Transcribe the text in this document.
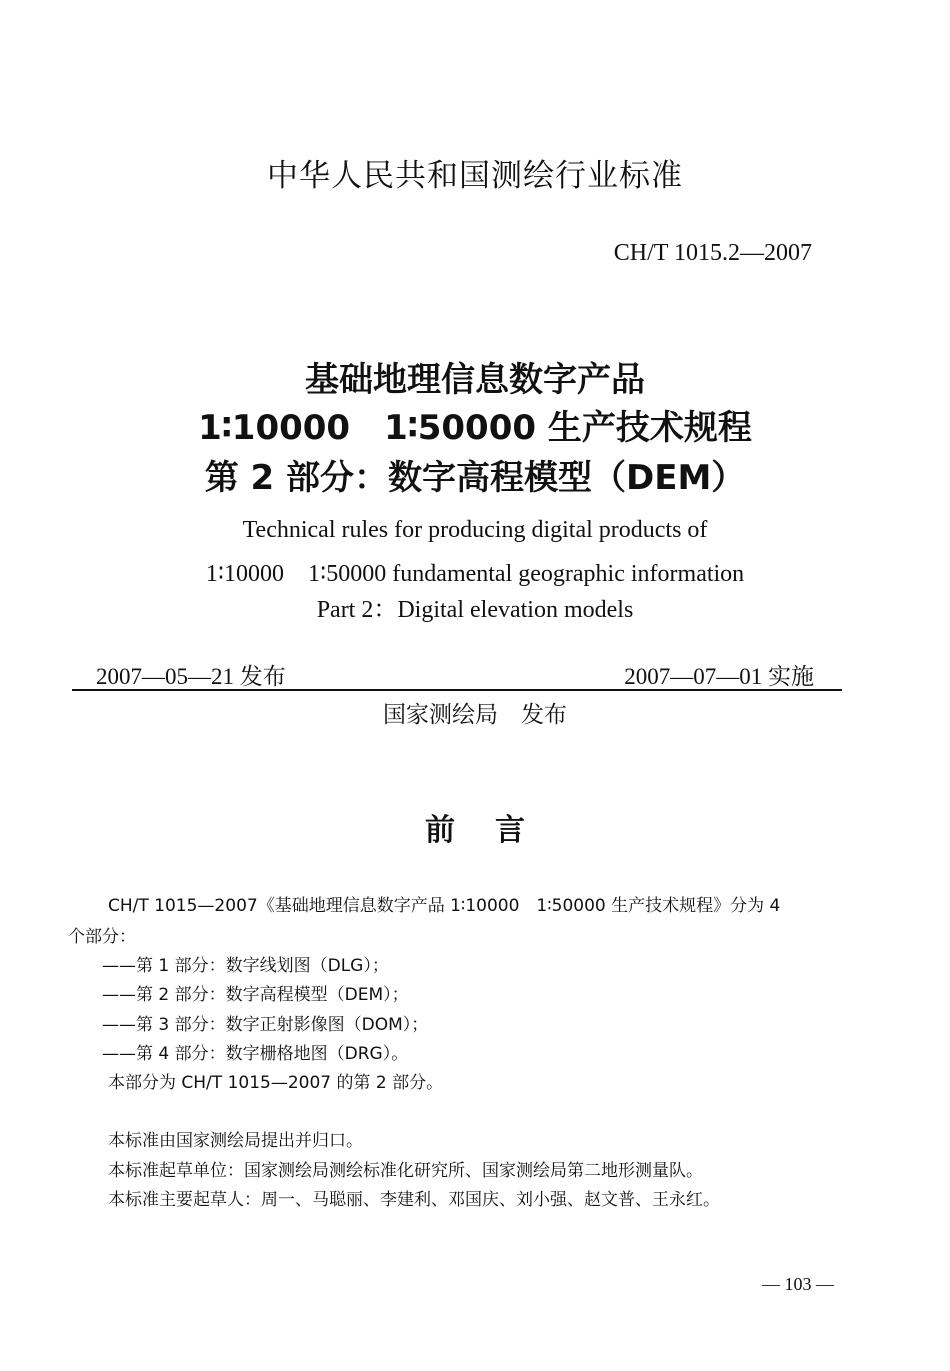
中华人民共和国测绘行业标准
CH/T 1015.2—2007
基础地理信息数字产品
1∶10000　1∶50000 生产技术规程
第 2 部分：数字高程模型（DEM）
Technical rules for producing digital products of
1∶10000　1∶50000 fundamental geographic information
Part 2：Digital elevation models
2007—05—21 发布	2007—07—01 实施
国家测绘局　发布
前言
CH/T 1015—2007《基础地理信息数字产品 1∶10000　1∶50000 生产技术规程》分为 4
个部分：
——第 1 部分：数字线划图（DLG）；
——第 2 部分：数字高程模型（DEM）；
——第 3 部分：数字正射影像图（DOM）；
——第 4 部分：数字栅格地图（DRG）。
本部分为 CH/T 1015—2007 的第 2 部分。
本标准由国家测绘局提出并归口。
本标准起草单位：国家测绘局测绘标准化研究所、国家测绘局第二地形测量队。
本标准主要起草人：周一、马聪丽、李建利、邓国庆、刘小强、赵文普、王永红。
— 103 —
